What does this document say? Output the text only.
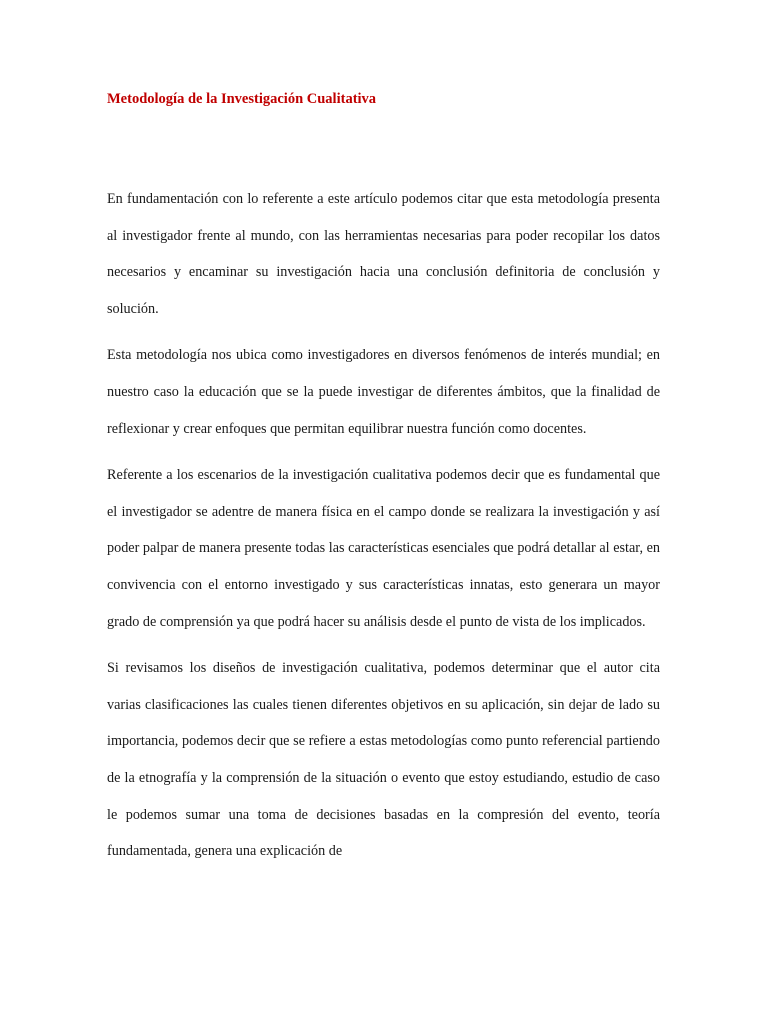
Metodología de la Investigación Cualitativa

En fundamentación con lo referente a este artículo podemos citar que esta metodología presenta al investigador frente al mundo, con las herramientas necesarias para poder recopilar los datos necesarios y encaminar su investigación hacia una conclusión definitoria de conclusión y solución.

Esta metodología nos ubica como investigadores en diversos fenómenos de interés mundial; en nuestro caso la educación que se la puede investigar de diferentes ámbitos, que la finalidad de reflexionar y crear enfoques que permitan equilibrar nuestra función como docentes.

Referente a los escenarios de la investigación cualitativa podemos decir que es fundamental que el investigador se adentre de manera física en el campo donde se realizara la investigación y así poder palpar de manera presente todas las características esenciales que podrá detallar al estar, en convivencia con el entorno investigado y sus características innatas, esto generara un mayor grado de comprensión ya que podrá hacer su análisis desde el punto de vista de los implicados.

Si revisamos los diseños de investigación cualitativa, podemos determinar que el autor cita varias clasificaciones las cuales tienen diferentes objetivos en su aplicación, sin dejar de lado su importancia, podemos decir que se refiere a estas metodologías como punto referencial partiendo de la etnografía y la comprensión de la situación o evento que estoy estudiando, estudio de caso le podemos sumar una toma de decisiones basadas en la compresión del evento, teoría fundamentada, genera una explicación de
